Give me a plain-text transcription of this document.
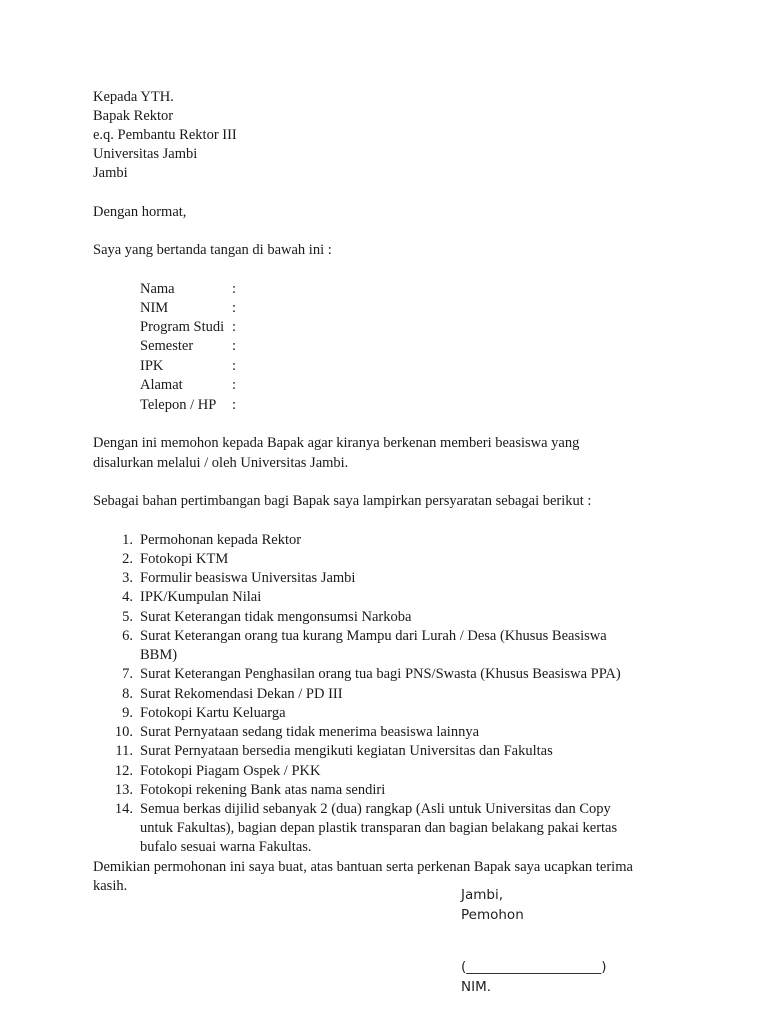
Kepada YTH.
Bapak Rektor
e.q. Pembantu Rektor III
Universitas Jambi
Jambi
Dengan hormat,
Saya yang bertanda tangan di bawah ini :
Nama	:
NIM	:
Program Studi :
Semester	:
IPK	:
Alamat	:
Telepon / HP :
Dengan ini memohon kepada Bapak agar kiranya berkenan memberi beasiswa yang
disalurkan melalui / oleh Universitas Jambi.
Sebagai bahan pertimbangan bagi Bapak saya lampirkan persyaratan sebagai berikut :
1. Permohonan kepada Rektor
2. Fotokopi KTM
3. Formulir beasiswa Universitas Jambi
4. IPK/Kumpulan Nilai
5. Surat Keterangan tidak mengonsumsi Narkoba
6. Surat Keterangan orang tua kurang Mampu dari Lurah / Desa (Khusus Beasiswa
BBM)
7. Surat Keterangan Penghasilan orang tua bagi PNS/Swasta (Khusus Beasiswa PPA)
8. Surat Rekomendasi Dekan / PD III
9. Fotokopi Kartu Keluarga
10. Surat Pernyataan sedang tidak menerima beasiswa lainnya
11. Surat Pernyataan bersedia mengikuti kegiatan Universitas dan Fakultas
12. Fotokopi Piagam Ospek / PKK
13. Fotokopi rekening Bank atas nama sendiri
14. Semua berkas dijilid sebanyak 2 (dua) rangkap (Asli untuk Universitas dan Copy
untuk Fakultas), bagian depan plastik transparan dan bagian belakang pakai kertas
bufalo sesuai warna Fakultas.
Demikian permohonan ini saya buat, atas bantuan serta perkenan Bapak saya ucapkan terima
kasih.
Jambi,
Pemohon
(____________________)
NIM.
